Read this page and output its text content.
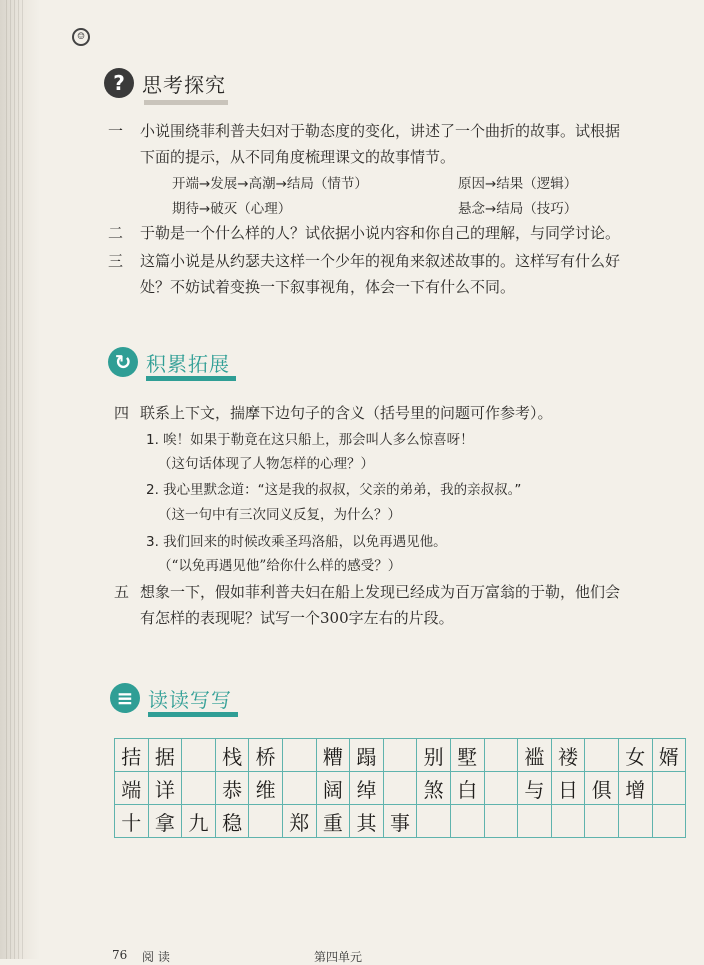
☺
? 思考探究
一 小说围绕菲利普夫妇对于勒态度的变化，讲述了一个曲折的故事。试根据
下面的提示，从不同角度梳理课文的故事情节。
开端→发展→高潮→结局（情节）	原因→结果（逻辑）
期待→破灭（心理）	悬念→结局（技巧）
二 于勒是一个什么样的人？试依据小说内容和你自己的理解，与同学讨论。
三 这篇小说是从约瑟夫这样一个少年的视角来叙述故事的。这样写有什么好
处？不妨试着变换一下叙事视角，体会一下有什么不同。
↻ 积累拓展
四 联系上下文，揣摩下边句子的含义（括号里的问题可作参考）。
1. 唉！如果于勒竟在这只船上，那会叫人多么惊喜呀！
（这句话体现了人物怎样的心理？）
2. 我心里默念道：“这是我的叔叔，父亲的弟弟，我的亲叔叔。”
（这一句中有三次同义反复，为什么？）
3. 我们回来的时候改乘圣玛洛船，以免再遇见他。
（“以免再遇见他”给你什么样的感受？）
五 想象一下，假如菲利普夫妇在船上发现已经成为百万富翁的于勒，他们会
有怎样的表现呢？试写一个300字左右的片段。
≡ 读读写写
拮 据	栈 桥	糟 蹋	别 墅	褴 褛	女 婿
端 详	恭 维	阔 绰	煞 白	与 日 俱 增
十 拿 九 稳	郑 重 其 事
76 阅 读	第四单元
